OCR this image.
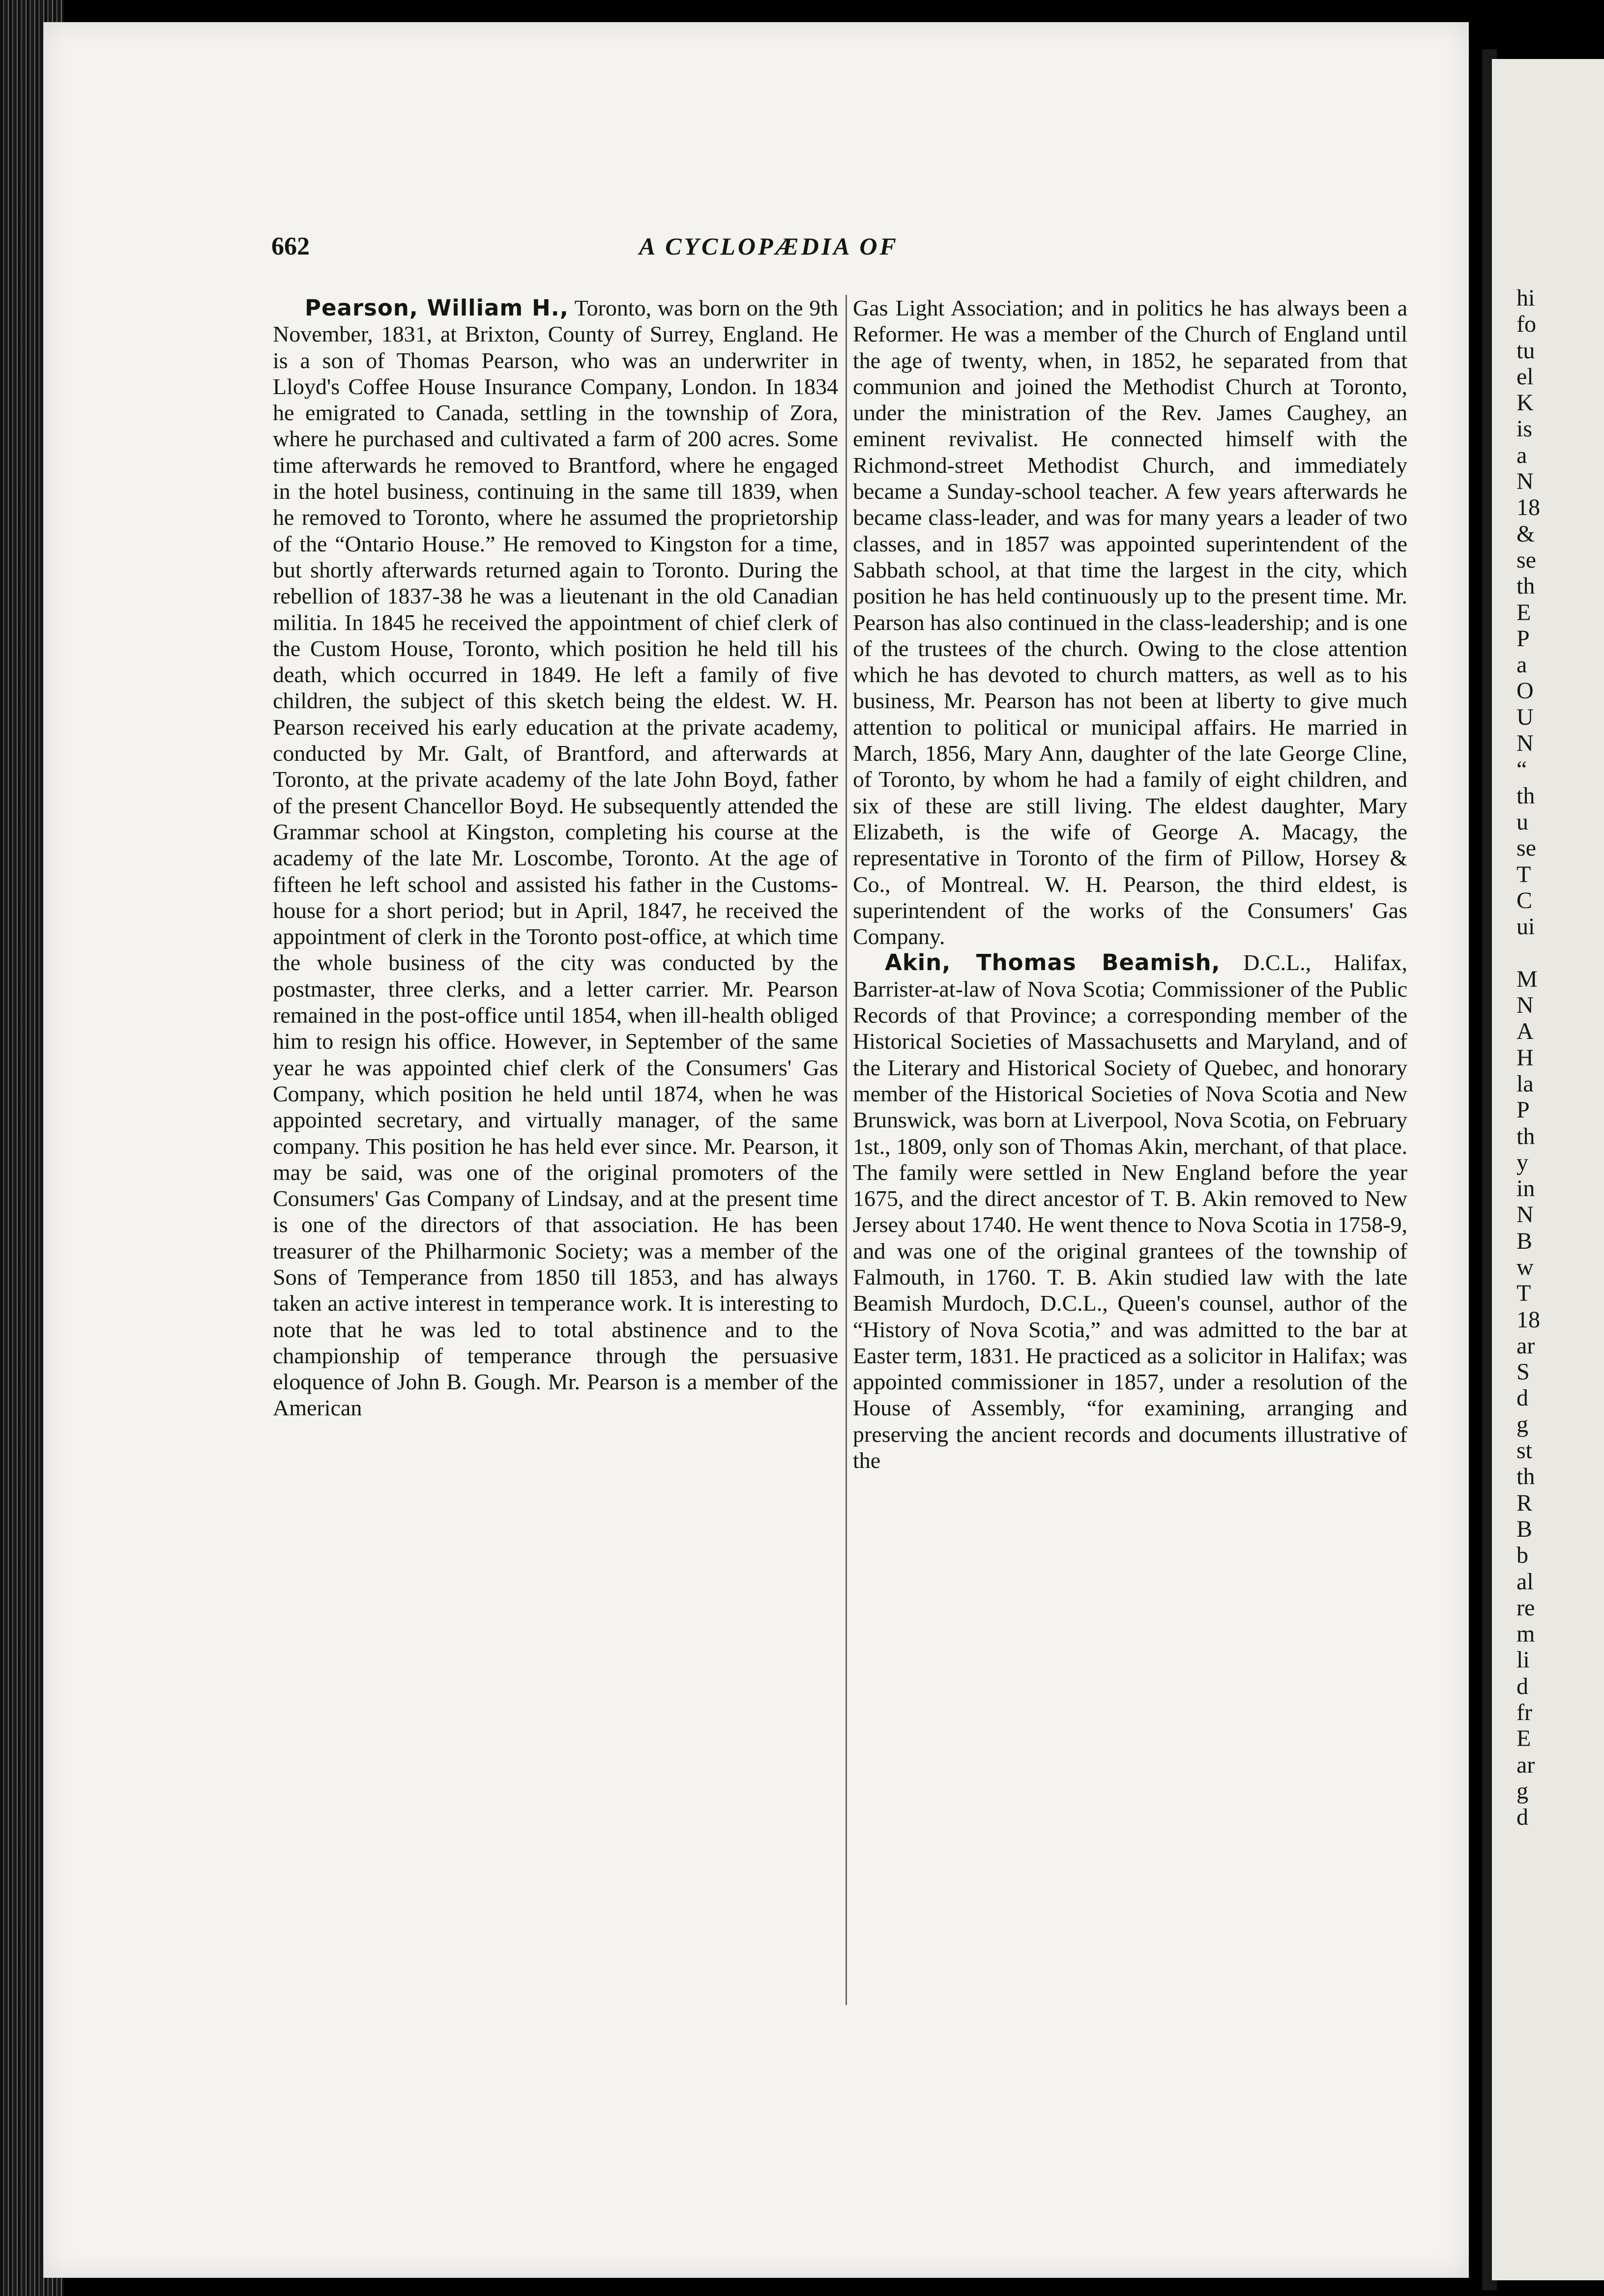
662	A CYCLOPÆDIA OF

Pearson, William H., Toronto, was born on the 9th November, 1831, at Brixton, County of Surrey, England. He is a son of Thomas Pearson, who was an underwriter in Lloyd's Coffee House Insurance Company, London. In 1834 he emigrated to Canada, settling in the township of Zora, where he purchased and cultivated a farm of 200 acres. Some time afterwards he removed to Brantford, where he engaged in the hotel business, continuing in the same till 1839, when he removed to Toronto, where he assumed the proprietorship of the “Ontario House.” He removed to Kingston for a time, but shortly afterwards returned again to Toronto. During the rebellion of 1837-38 he was a lieutenant in the old Canadian militia. In 1845 he received the appointment of chief clerk of the Custom House, Toronto, which position he held till his death, which occurred in 1849. He left a family of five children, the subject of this sketch being the eldest. W. H. Pearson received his early education at the private academy, conducted by Mr. Galt, of Brantford, and afterwards at Toronto, at the private academy of the late John Boyd, father of the present Chancellor Boyd. He subsequently attended the Grammar school at Kingston, completing his course at the academy of the late Mr. Loscombe, Toronto. At the age of fifteen he left school and assisted his father in the Customs-house for a short period; but in April, 1847, he received the appointment of clerk in the Toronto post-office, at which time the whole business of the city was conducted by the postmaster, three clerks, and a letter carrier. Mr. Pearson remained in the post-office until 1854, when ill-health obliged him to resign his office. However, in September of the same year he was appointed chief clerk of the Consumers' Gas Company, which position he held until 1874, when he was appointed secretary, and virtually manager, of the same company. This position he has held ever since. Mr. Pearson, it may be said, was one of the original promoters of the Consumers' Gas Company of Lindsay, and at the present time is one of the directors of that association. He has been treasurer of the Philharmonic Society; was a member of the Sons of Temperance from 1850 till 1853, and has always taken an active interest in temperance work. It is interesting to note that he was led to total abstinence and to the championship of temperance through the persuasive eloquence of John B. Gough. Mr. Pearson is a member of the American

Gas Light Association; and in politics he has always been a Reformer. He was a member of the Church of England until the age of twenty, when, in 1852, he separated from that communion and joined the Methodist Church at Toronto, under the ministration of the Rev. James Caughey, an eminent revivalist. He connected himself with the Richmond-street Methodist Church, and immediately became a Sunday-school teacher. A few years afterwards he became class-leader, and was for many years a leader of two classes, and in 1857 was appointed superintendent of the Sabbath school, at that time the largest in the city, which position he has held continuously up to the present time. Mr. Pearson has also continued in the class-leadership; and is one of the trustees of the church. Owing to the close attention which he has devoted to church matters, as well as to his business, Mr. Pearson has not been at liberty to give much attention to political or municipal affairs. He married in March, 1856, Mary Ann, daughter of the late George Cline, of Toronto, by whom he had a family of eight children, and six of these are still living. The eldest daughter, Mary Elizabeth, is the wife of George A. Macagy, the representative in Toronto of the firm of Pillow, Horsey & Co., of Montreal. W. H. Pearson, the third eldest, is superintendent of the works of the Consumers' Gas Company.

Akin, Thomas Beamish, D.C.L., Halifax, Barrister-at-law of Nova Scotia; Commissioner of the Public Records of that Province; a corresponding member of the Historical Societies of Massachusetts and Maryland, and of the Literary and Historical Society of Quebec, and honorary member of the Historical Societies of Nova Scotia and New Brunswick, was born at Liverpool, Nova Scotia, on February 1st., 1809, only son of Thomas Akin, merchant, of that place. The family were settled in New England before the year 1675, and the direct ancestor of T. B. Akin removed to New Jersey about 1740. He went thence to Nova Scotia in 1758-9, and was one of the original grantees of the township of Falmouth, in 1760. T. B. Akin studied law with the late Beamish Murdoch, D.C.L., Queen's counsel, author of the “History of Nova Scotia,” and was admitted to the bar at Easter term, 1831. He practiced as a solicitor in Halifax; was appointed commissioner in 1857, under a resolution of the House of Assembly, “for examining, arranging and preserving the ancient records and documents illustrative of the

hi
fo
tu
el
K
is
a
N
18
&
se
th
E
P
a
O
U
N
“
th
u
se
T
C
ui

M
N
A
H
la
P
th
y
in
N
B
w
T
18
ar
S
d
g
st
th
R
B
b
al
re
m
li
d
fr
E
ar
g
d
